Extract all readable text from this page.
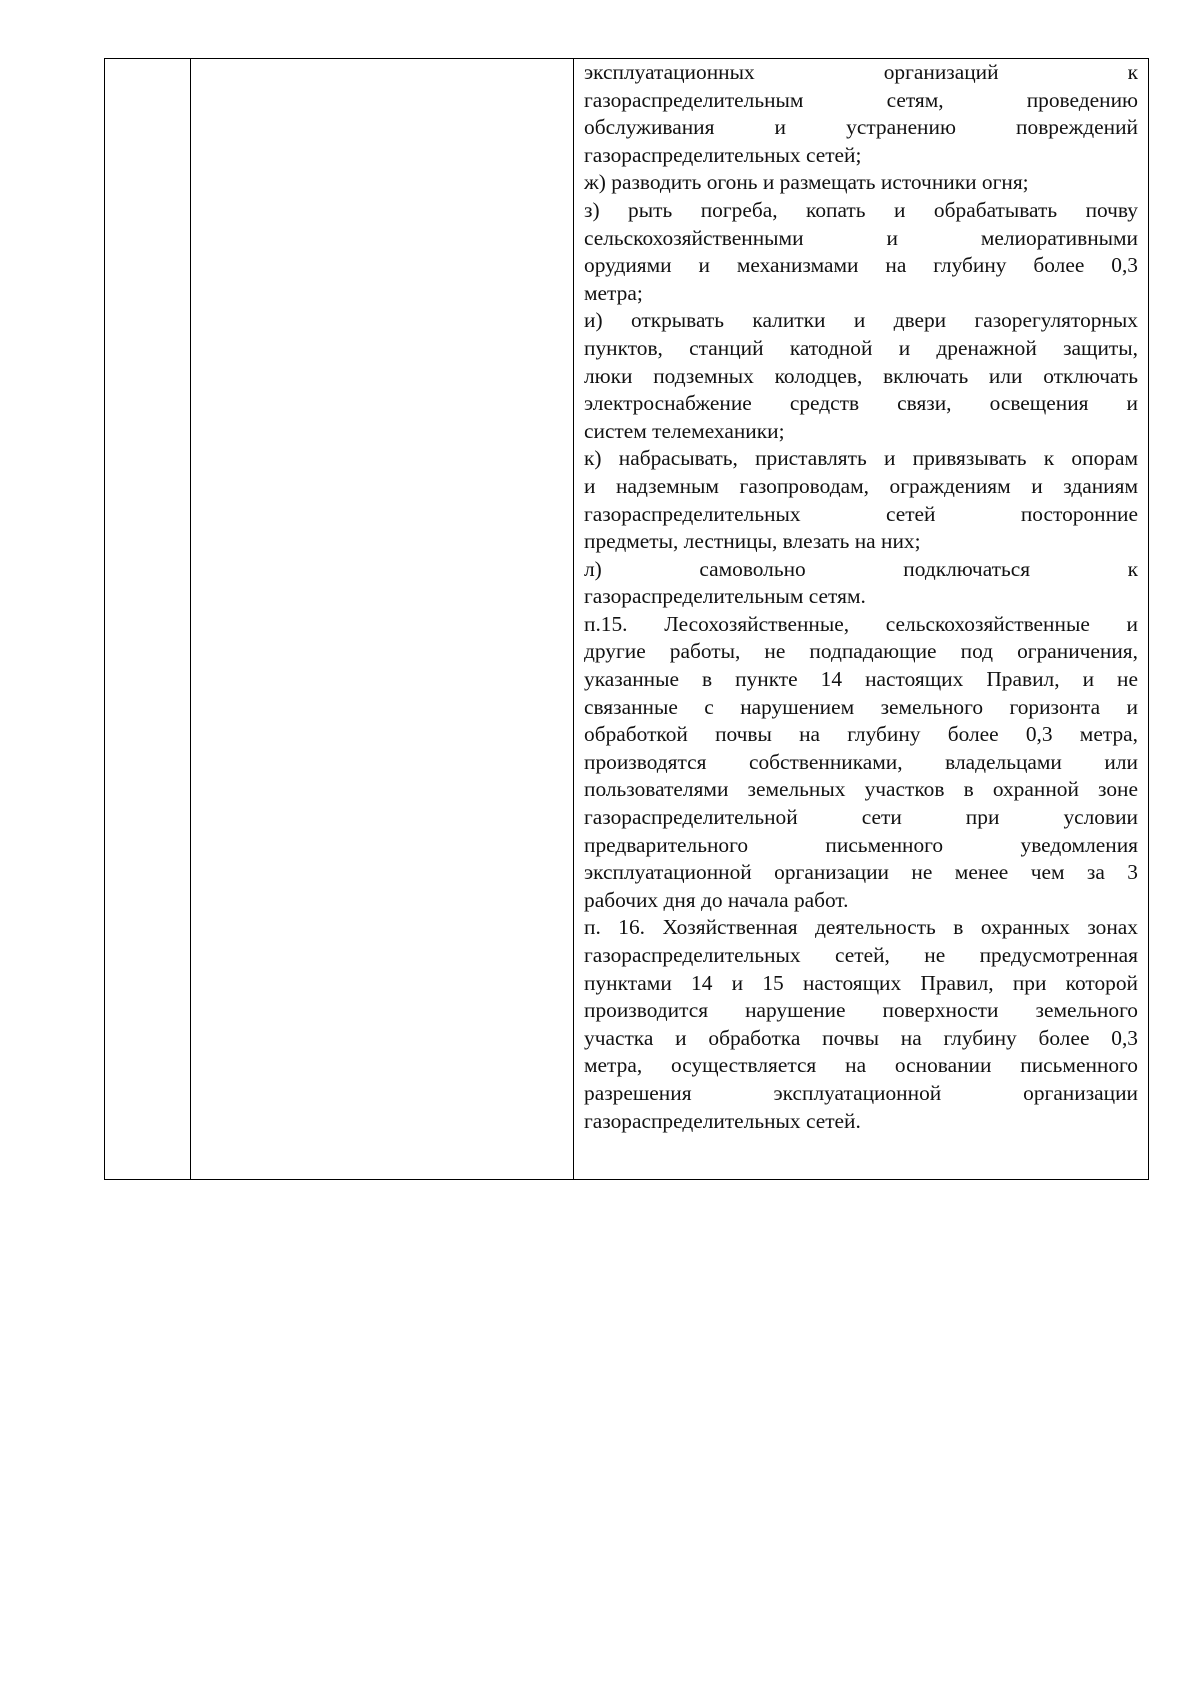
эксплуатационных организаций к
газораспределительным сетям, проведению
обслуживания и устранению повреждений
газораспределительных сетей;
ж) разводить огонь и размещать источники огня;
з) рыть погреба, копать и обрабатывать почву
сельскохозяйственными и мелиоративными
орудиями и механизмами на глубину более 0,3
метра;
и) открывать калитки и двери газорегуляторных
пунктов, станций катодной и дренажной защиты,
люки подземных колодцев, включать или отключать
электроснабжение средств связи, освещения и
систем телемеханики;
к) набрасывать, приставлять и привязывать к опорам
и надземным газопроводам, ограждениям и зданиям
газораспределительных сетей посторонние
предметы, лестницы, влезать на них;
л) самовольно подключаться к
газораспределительным сетям.
п.15. Лесохозяйственные, сельскохозяйственные и
другие работы, не подпадающие под ограничения,
указанные в пункте 14 настоящих Правил, и не
связанные с нарушением земельного горизонта и
обработкой почвы на глубину более 0,3 метра,
производятся собственниками, владельцами или
пользователями земельных участков в охранной зоне
газораспределительной сети при условии
предварительного письменного уведомления
эксплуатационной организации не менее чем за 3
рабочих дня до начала работ.
п. 16. Хозяйственная деятельность в охранных зонах
газораспределительных сетей, не предусмотренная
пунктами 14 и 15 настоящих Правил, при которой
производится нарушение поверхности земельного
участка и обработка почвы на глубину более 0,3
метра, осуществляется на основании письменного
разрешения эксплуатационной организации
газораспределительных сетей.
